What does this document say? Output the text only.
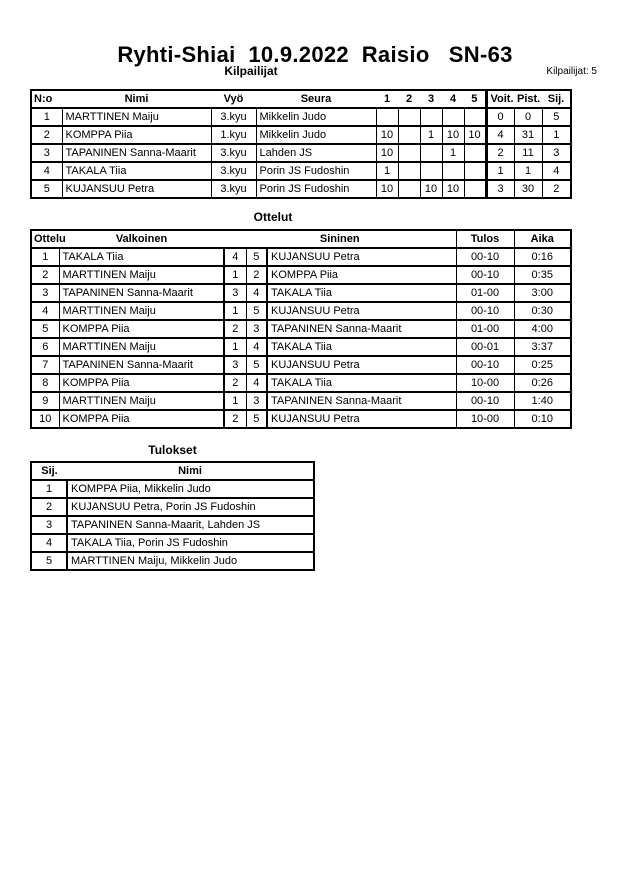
Ryhti-Shiai  10.9.2022  Raisio   SN-63
Kilpailijat	Kilpailijat: 5
N:o	Nimi	Vyö	Seura	1	2	3	4	5	Voit.	Pist.	Sij.
1	MARTTINEN Maiju	3.kyu	Mikkelin Judo						0	0	5
2	KOMPPA Piia	1.kyu	Mikkelin Judo	10		1	10	10	4	31	1
3	TAPANINEN Sanna-Maarit	3.kyu	Lahden JS	10			1		2	11	3
4	TAKALA Tiia	3.kyu	Porin JS Fudoshin	1					1	1	4
5	KUJANSUU Petra	3.kyu	Porin JS Fudoshin	10		10	10		3	30	2
Ottelut
Ottelu	Valkoinen	Sininen			Tulos	Aika
1	TAKALA Tiia	4	5	KUJANSUU Petra	00-10	0:16
2	MARTTINEN Maiju	1	2	KOMPPA Piia	00-10	0:35
3	TAPANINEN Sanna-Maarit	3	4	TAKALA Tiia	01-00	3:00
4	MARTTINEN Maiju	1	5	KUJANSUU Petra	00-10	0:30
5	KOMPPA Piia	2	3	TAPANINEN Sanna-Maarit	01-00	4:00
6	MARTTINEN Maiju	1	4	TAKALA Tiia	00-01	3:37
7	TAPANINEN Sanna-Maarit	3	5	KUJANSUU Petra	00-10	0:25
8	KOMPPA Piia	2	4	TAKALA Tiia	10-00	0:26
9	MARTTINEN Maiju	1	3	TAPANINEN Sanna-Maarit	00-10	1:40
10	KOMPPA Piia	2	5	KUJANSUU Petra	10-00	0:10
Tulokset
Sij.	Nimi
1	KOMPPA Piia, Mikkelin Judo
2	KUJANSUU Petra, Porin JS Fudoshin
3	TAPANINEN Sanna-Maarit, Lahden JS
4	TAKALA Tiia, Porin JS Fudoshin
5	MARTTINEN Maiju, Mikkelin Judo
